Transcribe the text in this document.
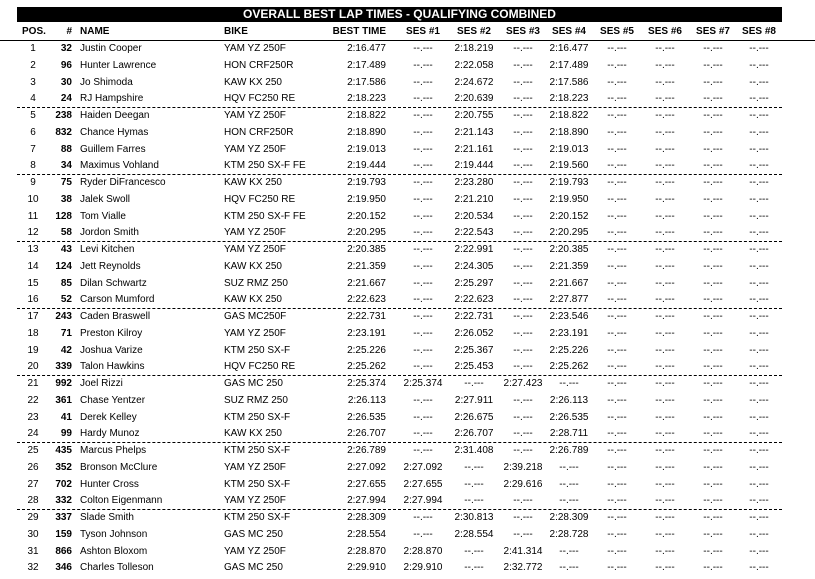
OVERALL BEST LAP TIMES - QUALIFYING COMBINED
POS.	# NAME	BIKE	BEST TIME	SES #1	SES #2	SES #3	SES #4	SES #5	SES #6	SES #7	SES #8
1	32 Justin Cooper	YAM YZ 250F	2:16.477	--.---	2:18.219	--.---	2:16.477	--.---	--.---	--.---	--.---
2	96 Hunter Lawrence	HON CRF250R	2:17.489	--.---	2:22.058	--.---	2:17.489	--.---	--.---	--.---	--.---
3	30 Jo Shimoda	KAW KX 250	2:17.586	--.---	2:24.672	--.---	2:17.586	--.---	--.---	--.---	--.---
4	24 RJ Hampshire	HQV FC250 RE	2:18.223	--.---	2:20.639	--.---	2:18.223	--.---	--.---	--.---	--.---
5	238 Haiden Deegan	YAM YZ 250F	2:18.822	--.---	2:20.755	--.---	2:18.822	--.---	--.---	--.---	--.---
6	832 Chance Hymas	HON CRF250R	2:18.890	--.---	2:21.143	--.---	2:18.890	--.---	--.---	--.---	--.---
7	88 Guillem Farres	YAM YZ 250F	2:19.013	--.---	2:21.161	--.---	2:19.013	--.---	--.---	--.---	--.---
8	34 Maximus Vohland	KTM 250 SX-F FE	2:19.444	--.---	2:19.444	--.---	2:19.560	--.---	--.---	--.---	--.---
9	75 Ryder DiFrancesco	KAW KX 250	2:19.793	--.---	2:23.280	--.---	2:19.793	--.---	--.---	--.---	--.---
10	38 Jalek Swoll	HQV FC250 RE	2:19.950	--.---	2:21.210	--.---	2:19.950	--.---	--.---	--.---	--.---
11	128 Tom Vialle	KTM 250 SX-F FE	2:20.152	--.---	2:20.534	--.---	2:20.152	--.---	--.---	--.---	--.---
12	58 Jordon Smith	YAM YZ 250F	2:20.295	--.---	2:22.543	--.---	2:20.295	--.---	--.---	--.---	--.---
13	43 Levi Kitchen	YAM YZ 250F	2:20.385	--.---	2:22.991	--.---	2:20.385	--.---	--.---	--.---	--.---
14	124 Jett Reynolds	KAW KX 250	2:21.359	--.---	2:24.305	--.---	2:21.359	--.---	--.---	--.---	--.---
15	85 Dilan Schwartz	SUZ RMZ 250	2:21.667	--.---	2:25.297	--.---	2:21.667	--.---	--.---	--.---	--.---
16	52 Carson Mumford	KAW KX 250	2:22.623	--.---	2:22.623	--.---	2:27.877	--.---	--.---	--.---	--.---
17	243 Caden Braswell	GAS MC250F	2:22.731	--.---	2:22.731	--.---	2:23.546	--.---	--.---	--.---	--.---
18	71 Preston Kilroy	YAM YZ 250F	2:23.191	--.---	2:26.052	--.---	2:23.191	--.---	--.---	--.---	--.---
19	42 Joshua Varize	KTM 250 SX-F	2:25.226	--.---	2:25.367	--.---	2:25.226	--.---	--.---	--.---	--.---
20	339 Talon Hawkins	HQV FC250 RE	2:25.262	--.---	2:25.453	--.---	2:25.262	--.---	--.---	--.---	--.---
21	992 Joel Rizzi	GAS MC 250	2:25.374	2:25.374	--.---	2:27.423	--.---	--.---	--.---	--.---	--.---
22	361 Chase Yentzer	SUZ RMZ 250	2:26.113	--.---	2:27.911	--.---	2:26.113	--.---	--.---	--.---	--.---
23	41 Derek Kelley	KTM 250 SX-F	2:26.535	--.---	2:26.675	--.---	2:26.535	--.---	--.---	--.---	--.---
24	99 Hardy Munoz	KAW KX 250	2:26.707	--.---	2:26.707	--.---	2:28.711	--.---	--.---	--.---	--.---
25	435 Marcus Phelps	KTM 250 SX-F	2:26.789	--.---	2:31.408	--.---	2:26.789	--.---	--.---	--.---	--.---
26	352 Bronson McClure	YAM YZ 250F	2:27.092	2:27.092	--.---	2:39.218	--.---	--.---	--.---	--.---	--.---
27	702 Hunter Cross	KTM 250 SX-F	2:27.655	2:27.655	--.---	2:29.616	--.---	--.---	--.---	--.---	--.---
28	332 Colton Eigenmann	YAM YZ 250F	2:27.994	2:27.994	--.---	--.---	--.---	--.---	--.---	--.---	--.---
29	337 Slade Smith	KTM 250 SX-F	2:28.309	--.---	2:30.813	--.---	2:28.309	--.---	--.---	--.---	--.---
30	159 Tyson Johnson	GAS MC 250	2:28.554	--.---	2:28.554	--.---	2:28.728	--.---	--.---	--.---	--.---
31	866 Ashton Bloxom	YAM YZ 250F	2:28.870	2:28.870	--.---	2:41.314	--.---	--.---	--.---	--.---	--.---
32	346 Charles Tolleson	GAS MC 250	2:29.910	2:29.910	--.---	2:32.772	--.---	--.---	--.---	--.---	--.---
